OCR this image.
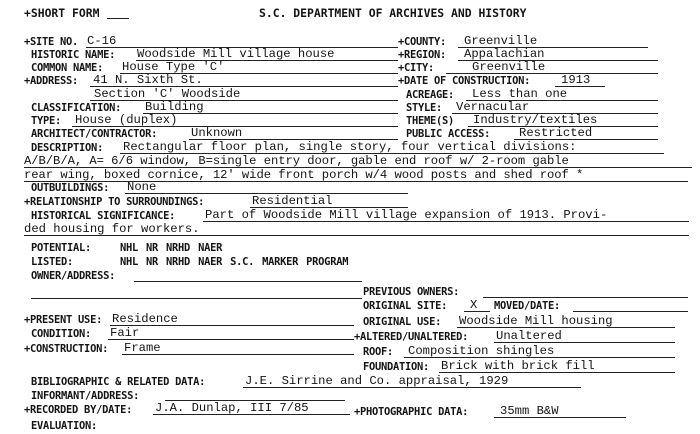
+SHORT FORM	S.C. DEPARTMENT OF ARCHIVES AND HISTORY
+SITE NO. C-16	+COUNTY: Greenville
HISTORIC NAME: Woodside Mill village house	+REGION: Appalachian
COMMON NAME: House Type 'C'	+CITY:	Greenville
+ADDRESS: 41 N. Sixth St.	+DATE OF CONSTRUCTION:	1913
Section 'C' Woodside	ACREAGE: Less than one
CLASSIFICATION: Building	STYLE: Vernacular
TYPE: House (duplex)	THEME(S) Industry/textiles
ARCHITECT/CONTRACTOR:	Unknown	PUBLIC ACCESS: Restricted
DESCRIPTION: Rectangular floor plan, single story, four vertical divisions:
A/B/B/A, A= 6/6 window, B=single entry door, gable end roof w/ 2-room gable
rear wing, boxed cornice, 12' wide front porch w/4 wood posts and shed roof *
OUTBUILDINGS: None
+RELATIONSHIP TO SURROUNDINGS:	Residential
HISTORICAL SIGNIFICANCE: Part of Woodside Mill village expansion of 1913. Provi-
ded housing for workers.
POTENTIAL:	NHL NR NRHD NAER
LISTED:	NHL NR NRHD NAER S.C. MARKER PROGRAM
OWNER/ADDRESS:
PREVIOUS OWNERS:
ORIGINAL SITE: X MOVED/DATE:
+PRESENT USE: Residence	ORIGINAL USE: Woodside Mill housing
CONDITION: Fair	+ALTERED/UNALTERED: Unaltered
+CONSTRUCTION: Frame	ROOF: Composition shingles
FOUNDATION: Brick with brick fill
BIBLIOGRAPHIC & RELATED DATA:	J.E. Sirrine and Co. appraisal, 1929
INFORMANT/ADDRESS:
+RECORDED BY/DATE: J.A. Dunlap, III 7/85	+PHOTOGRAPHIC DATA:	35mm B&W
EVALUATION:
